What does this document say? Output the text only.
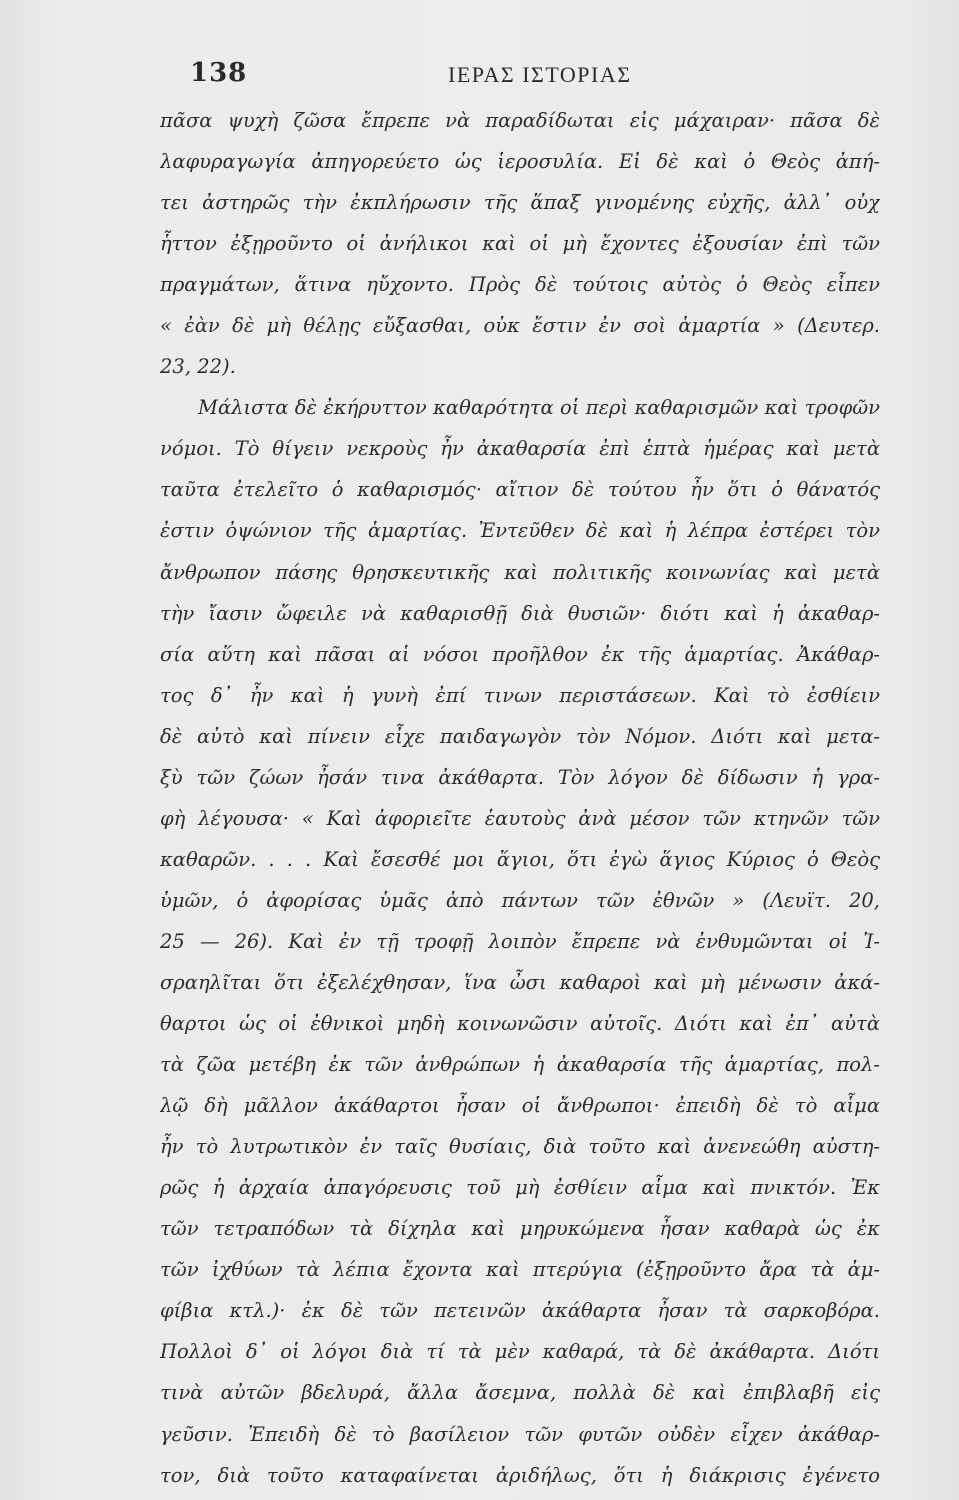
138	ΙΕΡΑΣ ΙΣΤΟΡΙΑΣ
πᾶσα ψυχὴ ζῶσα ἔπρεπε νὰ παραδίδωται εἰς μάχαιραν· πᾶσα δὲ
λαφυραγωγία ἀπηγορεύετο ὡς ἱεροσυλία. Εἰ δὲ καὶ ὁ Θεὸς ἀπή-
τει ἀστηρῶς τὴν ἐκπλήρωσιν τῆς ἅπαξ γινομένης εὐχῆς, ἀλλ᾽ οὐχ
ἧττον ἐξῃροῦντο οἱ ἀνήλικοι καὶ οἱ μὴ ἔχοντες ἐξουσίαν ἐπὶ τῶν
πραγμάτων, ἅτινα ηὔχοντο. Πρὸς δὲ τούτοις αὐτὸς ὁ Θεὸς εἶπεν
« ἐὰν δὲ μὴ θέλῃς εὔξασθαι, οὐκ ἔστιν ἐν σοὶ ἁμαρτία » (Δευτερ.
23, 22).
Μάλιστα δὲ ἐκήρυττον καθαρότητα οἱ περὶ καθαρισμῶν καὶ τροφῶν
νόμοι. Τὸ θίγειν νεκροὺς ἦν ἀκαθαρσία ἐπὶ ἑπτὰ ἡμέρας καὶ μετὰ
ταῦτα ἐτελεῖτο ὁ καθαρισμός· αἴτιον δὲ τούτου ἦν ὅτι ὁ θάνατός
ἐστιν ὀψώνιον τῆς ἁμαρτίας. Ἐντεῦθεν δὲ καὶ ἡ λέπρα ἐστέρει τὸν
ἄνθρωπον πάσης θρησκευτικῆς καὶ πολιτικῆς κοινωνίας καὶ μετὰ
τὴν ἴασιν ὤφειλε νὰ καθαρισθῇ διὰ θυσιῶν· διότι καὶ ἡ ἀκαθαρ-
σία αὕτη καὶ πᾶσαι αἱ νόσοι προῆλθον ἐκ τῆς ἁμαρτίας. Ἀκάθαρ-
τος δ᾽ ἦν καὶ ἡ γυνὴ ἐπί τινων περιστάσεων. Καὶ τὸ ἐσθίειν
δὲ αὐτὸ καὶ πίνειν εἶχε παιδαγωγὸν τὸν Νόμον. Διότι καὶ μετα-
ξὺ τῶν ζώων ἦσάν τινα ἀκάθαρτα. Τὸν λόγον δὲ δίδωσιν ἡ γρα-
φὴ λέγουσα· « Καὶ ἀφοριεῖτε ἑαυτοὺς ἀνὰ μέσον τῶν κτηνῶν τῶν
καθαρῶν. . . . Καὶ ἔσεσθέ μοι ἅγιοι, ὅτι ἐγὼ ἅγιος Κύριος ὁ Θεὸς
ὑμῶν, ὁ ἀφορίσας ὑμᾶς ἀπὸ πάντων τῶν ἐθνῶν » (Λευϊτ. 20,
25 — 26). Καὶ ἐν τῇ τροφῇ λοιπὸν ἔπρεπε νὰ ἐνθυμῶνται οἱ Ἰ-
σραηλῖται ὅτι ἐξελέχθησαν, ἵνα ὦσι καθαροὶ καὶ μὴ μένωσιν ἀκά-
θαρτοι ὡς οἱ ἐθνικοὶ μηδὴ κοινωνῶσιν αὐτοῖς. Διότι καὶ ἐπ᾽ αὐτὰ
τὰ ζῶα μετέβη ἐκ τῶν ἀνθρώπων ἡ ἀκαθαρσία τῆς ἁμαρτίας, πολ-
λῷ δὴ μᾶλλον ἀκάθαρτοι ἦσαν οἱ ἄνθρωποι· ἐπειδὴ δὲ τὸ αἷμα
ἦν τὸ λυτρωτικὸν ἐν ταῖς θυσίαις, διὰ τοῦτο καὶ ἀνενεώθη αὐστη-
ρῶς ἡ ἀρχαία ἀπαγόρευσις τοῦ μὴ ἐσθίειν αἷμα καὶ πνικτόν. Ἐκ
τῶν τετραπόδων τὰ δίχηλα καὶ μηρυκώμενα ἦσαν καθαρὰ ὡς ἐκ
τῶν ἰχθύων τὰ λέπια ἔχοντα καὶ πτερύγια (ἐξῃροῦντο ἄρα τὰ ἀμ-
φίβια κτλ.)· ἐκ δὲ τῶν πετεινῶν ἀκάθαρτα ἦσαν τὰ σαρκοβόρα.
Πολλοὶ δ᾽ οἱ λόγοι διὰ τί τὰ μὲν καθαρά, τὰ δὲ ἀκάθαρτα. Διότι
τινὰ αὐτῶν βδελυρά, ἄλλα ἄσεμνα, πολλὰ δὲ καὶ ἐπιβλαβῆ εἰς
γεῦσιν. Ἐπειδὴ δὲ τὸ βασίλειον τῶν φυτῶν οὐδὲν εἶχεν ἀκάθαρ-
τον, διὰ τοῦτο καταφαίνεται ἀριδήλως, ὅτι ἡ διάκρισις ἐγένετο
